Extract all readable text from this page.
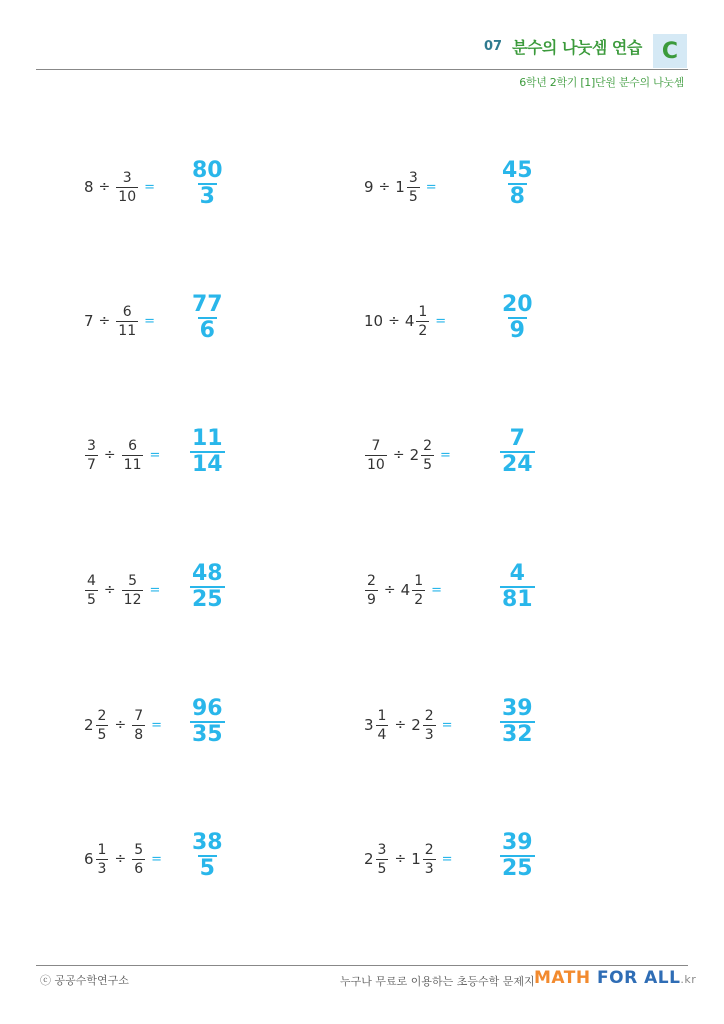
07 분수의 나눗셈 연습 C
6학년 2학기 [1]단원 분수의 나눗셈
$8 \div \frac{3}{10} = \frac{80}{3}$	$9 \div 1 \frac{3}{5}$ =	$\frac{45}{8}$
$7 \div \frac{6}{11} = \frac{77}{6}$	$10 \div 4 \frac{1}{2} = \frac{20}{9}$
$\frac{3}{7} \div \frac{6}{11} = \frac{11}{14}$	$\frac{7}{10} \div 2 \frac{2}{5} = \frac{7}{24}$
$\frac{4}{5} \div \frac{5}{12} = \frac{48}{25}$	$\frac{2}{9} \div 4 \frac{1}{2}$ =	$\frac{4}{81}$
$2 \frac{2}{5} \div \frac{7}{8} = \frac{96}{35}$	$3 \frac{1}{4} \div 2 \frac{2}{3} = \frac{39}{32}$
$6 \frac{1}{3} \div \frac{5}{6} = \frac{38}{5}$	$2 \frac{3}{5} \div 1 \frac{2}{3} = \frac{39}{25}$
ⓒ 공공수학연구소	누구나 무료로 이용하는 초등수학 문제지 MATH FOR ALL.kr
